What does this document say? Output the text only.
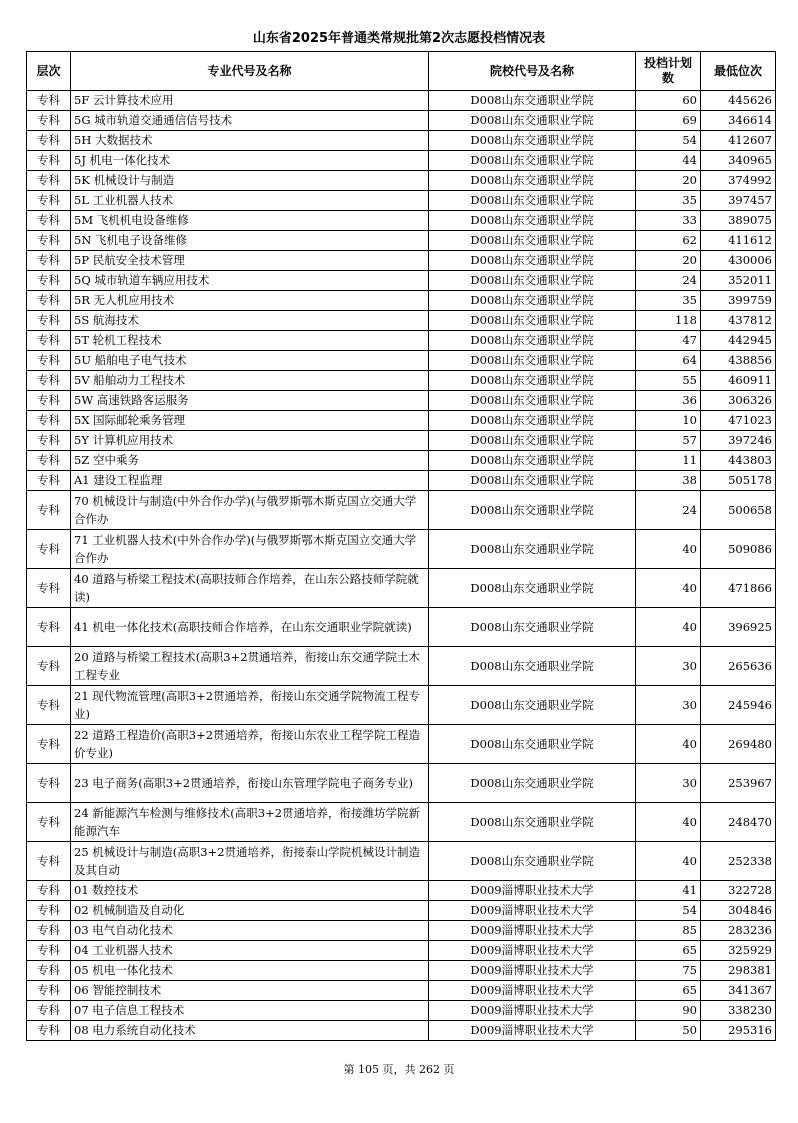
山东省2025年普通类常规批第2次志愿投档情况表
层次	专业代号及名称	院校代号及名称	投档计划数	最低位次
专科	5F 云计算技术应用	D008山东交通职业学院	60	445626
专科	5G 城市轨道交通通信信号技术	D008山东交通职业学院	69	346614
专科	5H 大数据技术	D008山东交通职业学院	54	412607
专科	5J 机电一体化技术	D008山东交通职业学院	44	340965
专科	5K 机械设计与制造	D008山东交通职业学院	20	374992
专科	5L 工业机器人技术	D008山东交通职业学院	35	397457
专科	5M 飞机机电设备维修	D008山东交通职业学院	33	389075
专科	5N 飞机电子设备维修	D008山东交通职业学院	62	411612
专科	5P 民航安全技术管理	D008山东交通职业学院	20	430006
专科	5Q 城市轨道车辆应用技术	D008山东交通职业学院	24	352011
专科	5R 无人机应用技术	D008山东交通职业学院	35	399759
专科	5S 航海技术	D008山东交通职业学院	118	437812
专科	5T 轮机工程技术	D008山东交通职业学院	47	442945
专科	5U 船舶电子电气技术	D008山东交通职业学院	64	438856
专科	5V 船舶动力工程技术	D008山东交通职业学院	55	460911
专科	5W 高速铁路客运服务	D008山东交通职业学院	36	306326
专科	5X 国际邮轮乘务管理	D008山东交通职业学院	10	471023
专科	5Y 计算机应用技术	D008山东交通职业学院	57	397246
专科	5Z 空中乘务	D008山东交通职业学院	11	443803
专科	A1 建设工程监理	D008山东交通职业学院	38	505178
专科	70 机械设计与制造(中外合作办学)(与俄罗斯鄂木斯克国立交通大学合作办	D008山东交通职业学院	24	500658
专科	71 工业机器人技术(中外合作办学)(与俄罗斯鄂木斯克国立交通大学合作办	D008山东交通职业学院	40	509086
专科	40 道路与桥梁工程技术(高职技师合作培养，在山东公路技师学院就读)	D008山东交通职业学院	40	471866
专科	41 机电一体化技术(高职技师合作培养，在山东交通职业学院就读)	D008山东交通职业学院	40	396925
专科	20 道路与桥梁工程技术(高职3+2贯通培养，衔接山东交通学院土木工程专业	D008山东交通职业学院	30	265636
专科	21 现代物流管理(高职3+2贯通培养，衔接山东交通学院物流工程专业)	D008山东交通职业学院	30	245946
专科	22 道路工程造价(高职3+2贯通培养，衔接山东农业工程学院工程造价专业)	D008山东交通职业学院	40	269480
专科	23 电子商务(高职3+2贯通培养，衔接山东管理学院电子商务专业)	D008山东交通职业学院	30	253967
专科	24 新能源汽车检测与维修技术(高职3+2贯通培养，衔接潍坊学院新能源汽车	D008山东交通职业学院	40	248470
专科	25 机械设计与制造(高职3+2贯通培养，衔接泰山学院机械设计制造及其自动	D008山东交通职业学院	40	252338
专科	01 数控技术	D009淄博职业技术大学	41	322728
专科	02 机械制造及自动化	D009淄博职业技术大学	54	304846
专科	03 电气自动化技术	D009淄博职业技术大学	85	283236
专科	04 工业机器人技术	D009淄博职业技术大学	65	325929
专科	05 机电一体化技术	D009淄博职业技术大学	75	298381
专科	06 智能控制技术	D009淄博职业技术大学	65	341367
专科	07 电子信息工程技术	D009淄博职业技术大学	90	338230
专科	08 电力系统自动化技术	D009淄博职业技术大学	50	295316
第 105 页，共 262 页
